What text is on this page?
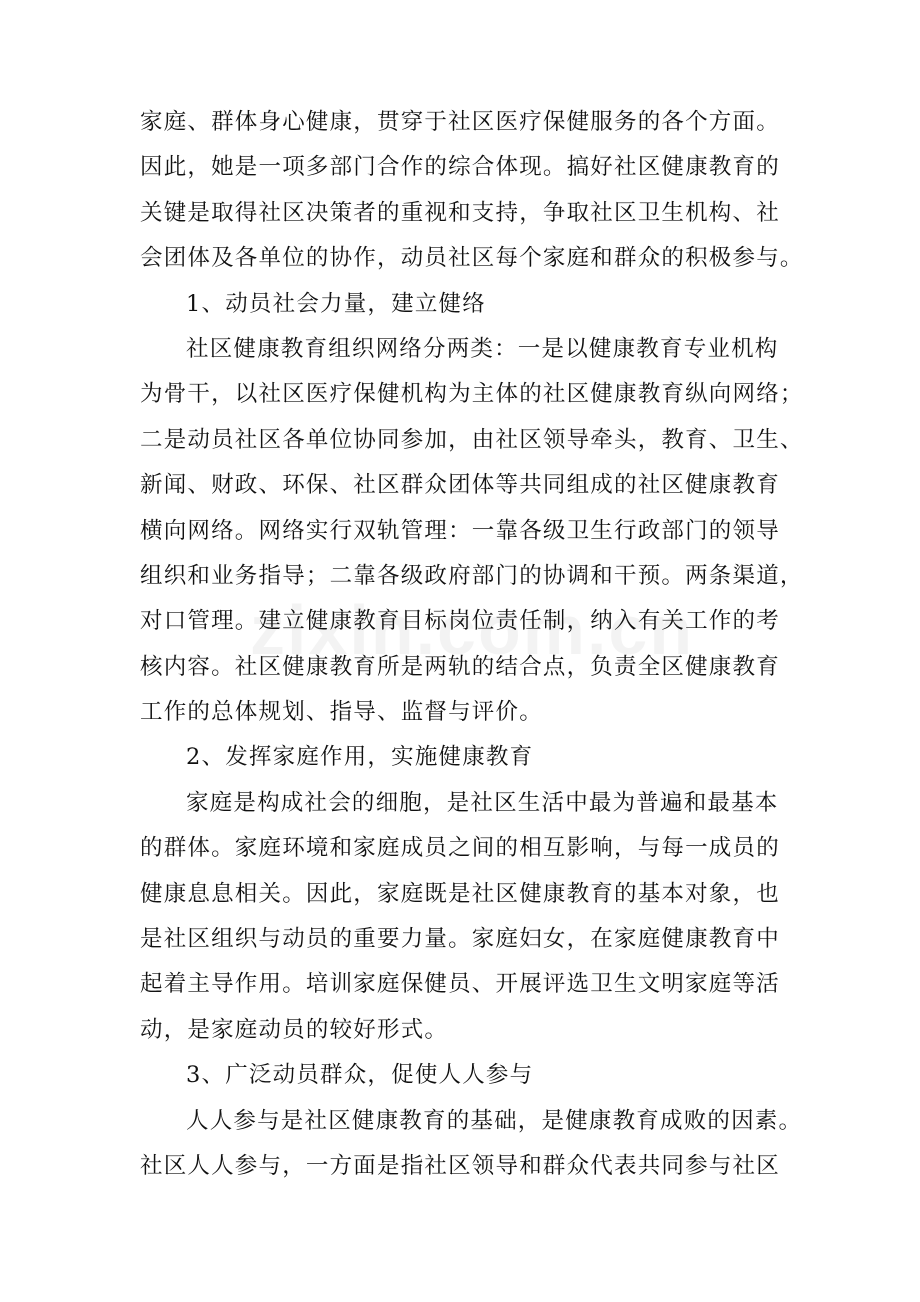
家庭、群体身心健康，贯穿于社区医疗保健服务的各个方面。
因此，她是一项多部门合作的综合体现。搞好社区健康教育的
关键是取得社区决策者的重视和支持，争取社区卫生机构、社
会团体及各单位的协作，动员社区每个家庭和群众的积极参与。
1、动员社会力量，建立健络
社区健康教育组织网络分两类：一是以健康教育专业机构
为骨干，以社区医疗保健机构为主体的社区健康教育纵向网络；
二是动员社区各单位协同参加，由社区领导牵头，教育、卫生、
新闻、财政、环保、社区群众团体等共同组成的社区健康教育
横向网络。网络实行双轨管理：一靠各级卫生行政部门的领导
组织和业务指导；二靠各级政府部门的协调和干预。两条渠道，
对口管理。建立健康教育目标岗位责任制，纳入有关工作的考
核内容。社区健康教育所是两轨的结合点，负责全区健康教育
工作的总体规划、指导、监督与评价。
2、发挥家庭作用，实施健康教育
家庭是构成社会的细胞，是社区生活中最为普遍和最基本
的群体。家庭环境和家庭成员之间的相互影响，与每一成员的
健康息息相关。因此，家庭既是社区健康教育的基本对象，也
是社区组织与动员的重要力量。家庭妇女，在家庭健康教育中
起着主导作用。培训家庭保健员、开展评选卫生文明家庭等活
动，是家庭动员的较好形式。
3、广泛动员群众，促使人人参与
人人参与是社区健康教育的基础，是健康教育成败的因素。
社区人人参与，一方面是指社区领导和群众代表共同参与社区
